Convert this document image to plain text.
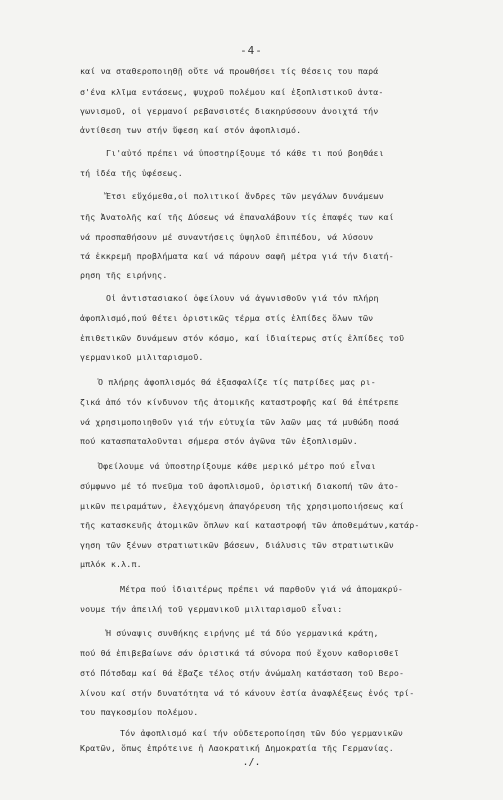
-4-
καί να σταθεροποιηθῇ οὔτε νά προωθήσει τίς θέσεις του παρά
σ'ένα κλῖμα εντάσεως, ψυχροῦ πολέμου καί ἐξοπλιστικοῦ ἀντα-
γωνισμοῦ, οἱ γερμανοί ρεβανσιστές διακηρύσσουν ἀνοιχτά τήν
ἀντίθεση των στήν ὕφεση καί στόν ἀφοπλισμό.
Γι'αὐτό πρέπει νά ὑποστηρίξουμε τό κάθε τι πού βοηθάει
τή ἰδέα τῆς ὑφέσεως.
Ἔτσι εὔχόμεθα,οἱ πολιτικοί ἄνδρες τῶν μεγάλων δυνάμεων
τῆς Ἀνατολῆς καί τῆς Δύσεως νά ἐπαναλάβουν τίς ἐπαφές των καί
νά προσπαθήσουν μέ συναντήσεις ὑψηλοῦ ἐπιπέδου, νά λύσουν
τά ἐκκρεμῆ προβλήματα καί νά πάρουν σαφῆ μέτρα γιά τήν διατή-
ρηση τῆς ειρήνης.
Οἱ ἀντιστασιακοί ὀφείλουν νά ἀγωνισθοῦν γιά τόν πλήρη
ἀφοπλισμό,πού θέτει ὁριστικῶς τέρμα στίς ἐλπίδες ὅλων τῶν
ἐπιθετικῶν δυνάμεων στόν κόσμο, καί ἰδιαίτερως στίς ἐλπίδες τοῦ
γερμανικοῦ μιλιταρισμοῦ.
Ὁ πλήρης ἀφοπλισμός θά ἐξασφαλίζε τίς πατρίδες μας ρι-
ζικά ἀπό τόν κίνδυνον τῆς ἀτομικῆς καταστροφῆς καί θά ἐπέτρεπε
νά χρησιμοποιηθοῦν γιά τήν εὐτυχία τῶν λαῶν μας τά μυθώδη ποσά
πού κατασπαταλοῦνται σήμερα στόν ἀγῶνα τῶν ἐξοπλισμῶν.
Ὀφείλουμε νά ὑποστηρίξουμε κάθε μερικό μέτρο πού εἶναι
σύμφωνο μέ τό πνεῦμα τοῦ ἀφοπλισμοῦ, ὁριστική διακοπή τῶν ἀτο-
μικῶν πειραμάτων, ἐλεγχόμενη ἀπαγόρευση τῆς χρησιμοποιήσεως καί
τῆς κατασκευῆς ἀτομικῶν ὅπλων καί καταστροφή τῶν ἀποθεμάτων,κατάρ-
γηση τῶν ξένων στρατιωτικῶν βάσεων, διάλυσις τῶν στρατιωτικῶν
μπλόκ κ.λ.π.
Μέτρα πού ἰδιαιτέρως πρέπει νά παρθοῦν γιά νά ἀπομακρύ-
νουμε τήν ἀπειλή τοῦ γερμανικοῦ μιλιταρισμοῦ εἶναι:
Ἡ σύναψις συνθήκης ειρήνης μέ τά δύο γερμανικά κράτη,
πού θά ἐπιβεβαίωνε σάν ὁριστικά τά σύνορα πού ἔχουν καθορισθεῖ
στό Πότσδαμ καί θά ἔβαζε τέλος στήν ἀνώμαλη κατάσταση τοῦ Βερο-
λίνου καί στήν δυνατότητα νά τό κάνουν ἑστία ἀναφλέξεως ἑνός τρί-
του παγκοσμίου πολέμου.
Τόν ἀφοπλισμό καί τήν οὐδετεροποίηση τῶν δύο γερμανικῶν
Κρατῶν, ὅπως ἐπρότεινε ἡ Λαοκρατική Δημοκρατία τῆς Γερμανίας.
./.
